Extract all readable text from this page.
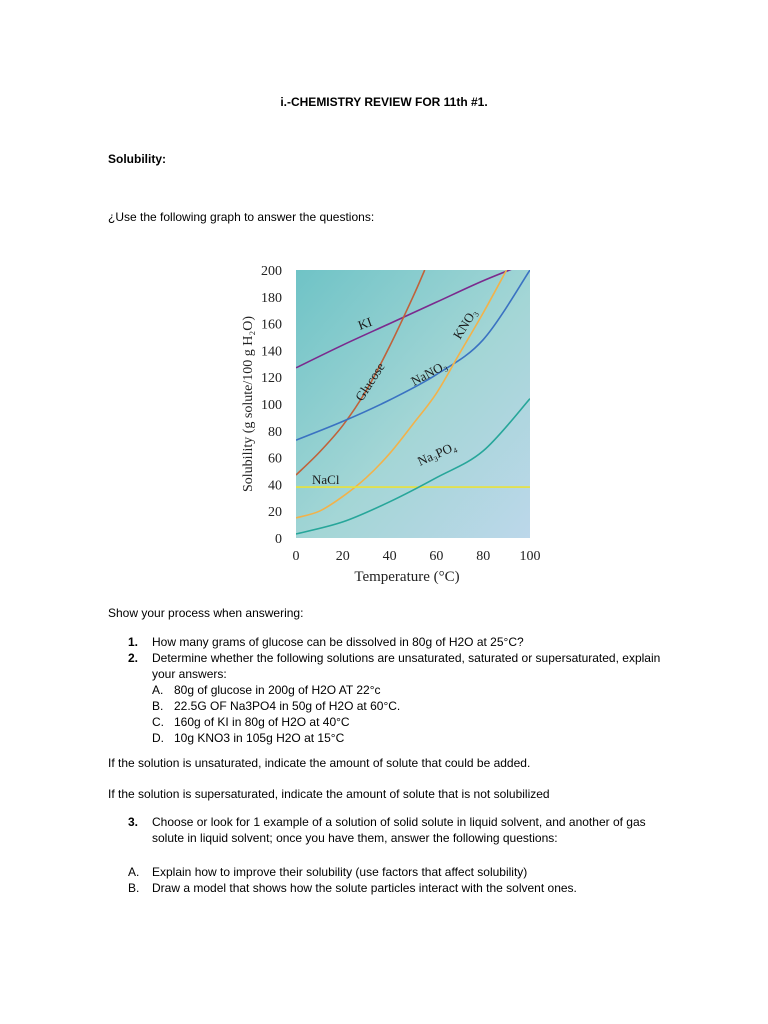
i.-CHEMISTRY REVIEW FOR 11th #1.
Solubility:
¿Use the following graph to answer the questions:
0
20
40
60
80
100
120
140
160
180
200
0	20 40 60 80 100
KI
Glucose NaNO₃
KNO₃
NaCl
Na₃PO₄
Temperature (°C)
Solubility (g solute/100 g H₂O)
Show your process when answering:
1. How many grams of glucose can be dissolved in 80g of H2O at 25°C?
2. Determine whether the following solutions are unsaturated, saturated or supersaturated, explain your answers:
A. 80g of glucose in 200g of H2O AT 22°c
B. 22.5G OF Na3PO4 in 50g of H2O at 60°C.
C. 160g of KI in 80g of H2O at 40°C
D. 10g KNO3 in 105g H2O at 15°C
If the solution is unsaturated, indicate the amount of solute that could be added.
If the solution is supersaturated, indicate the amount of solute that is not solubilized
3. Choose or look for 1 example of a solution of solid solute in liquid solvent, and another of gas solute in liquid solvent; once you have them, answer the following questions:
A. Explain how to improve their solubility (use factors that affect solubility)
B. Draw a model that shows how the solute particles interact with the solvent ones.
